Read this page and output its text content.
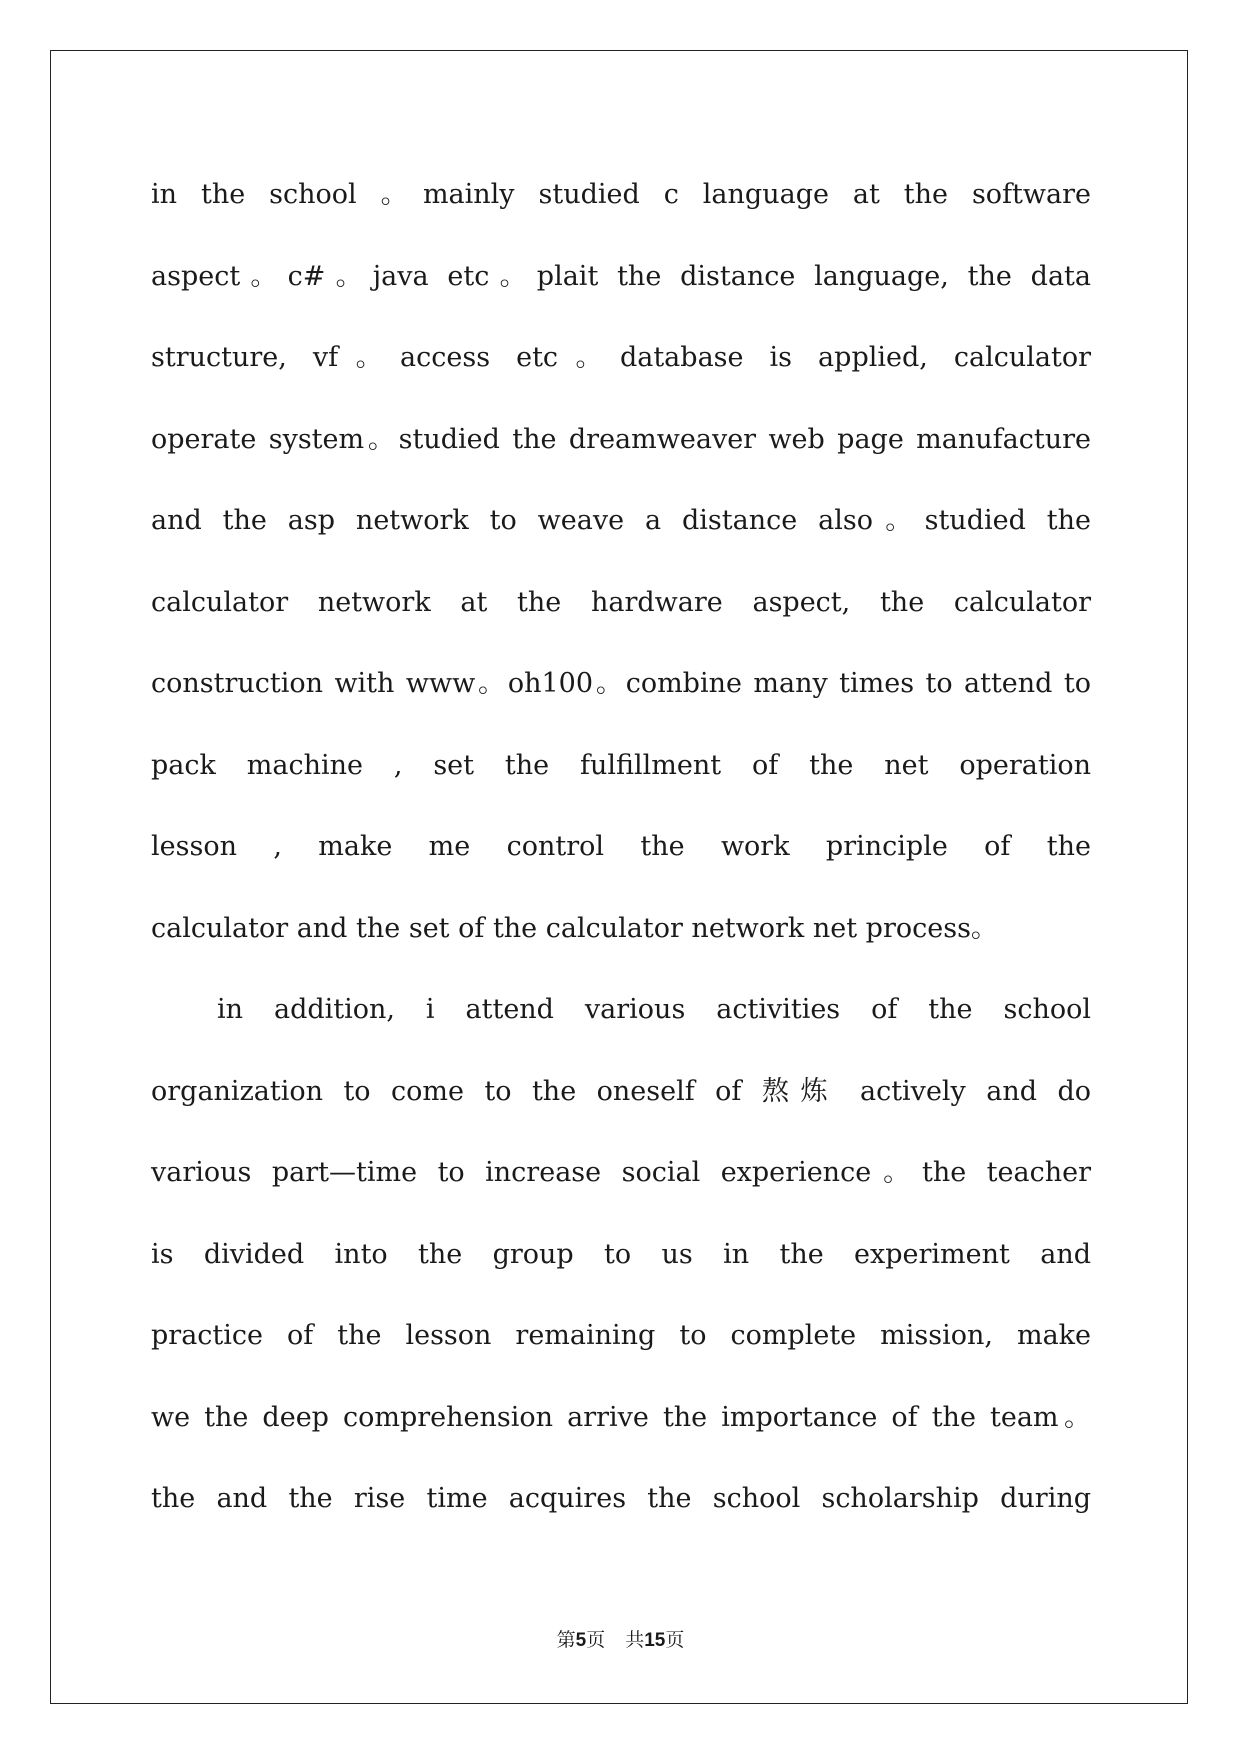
in the school 。mainly studied c language at the software
aspect。c#。java etc。plait the distance language, the data
structure, vf。access etc。database is applied, calculator
operate system。studied the dreamweaver web page manufacture
and the asp network to weave a distance also。studied the
calculator network at the hardware aspect, the calculator
construction with www。oh100。combine many times to attend to
pack machine , set the fulfillment of the net operation
lesson , make me control the work principle of the
calculator and the set of the calculator network net process。
in addition, i attend various activities of the school
organization to come to the oneself of 熬炼 actively and do
various part—time to increase social experience。the teacher
is divided into the group to us in the experiment and
practice of the lesson remaining to complete mission, make
we the deep comprehension arrive the importance of the team。
the and the rise time acquires the school scholarship during
第5页 共15页
